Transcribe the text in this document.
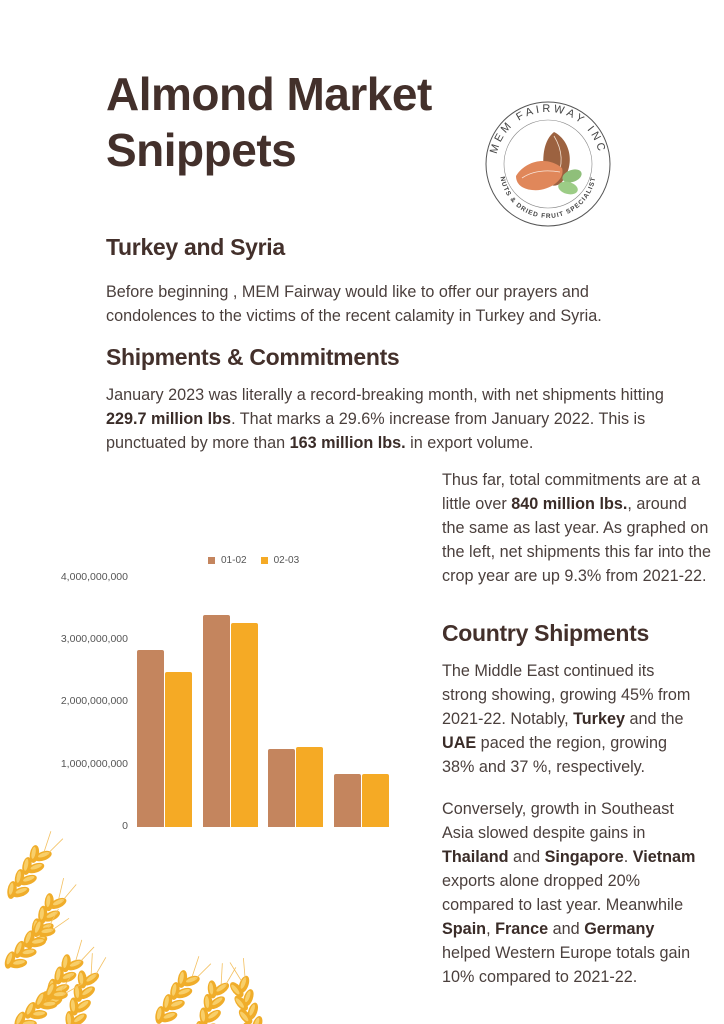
Almond Market
Snippets	MEM FAIRWAY INC
NUTS & DRIED FRUIT SPECIALIST
Turkey and Syria

Before beginning , MEM Fairway would like to offer our prayers and condolences to the victims of the recent calamity in Turkey and Syria.

Shipments & Commitments

January 2023 was literally a record-breaking month, with net shipments hitting 229.7 million lbs. That marks a 29.6% increase from January 2022. This is punctuated by more than 163 million lbs. in export volume.

Thus far, total commitments are at a little over 840 million lbs., around the same as last year. As graphed on the left, net shipments this far into the crop year are up 9.3% from 2021-22.

Country Shipments

The Middle East continued its strong showing, growing 45% from 2021-22. Notably, Turkey and the UAE paced the region, growing 38% and 37 %, respectively.

Conversely, growth in Southeast Asia slowed despite gains in Thailand and Singapore. Vietnam exports alone dropped 20% compared to last year. Meanwhile Spain, France and Germany helped Western Europe totals gain 10% compared to 2021-22.

01-02	02-03
4,000,000,000
3,000,000,000
2,000,000,000
1,000,000,000
0
